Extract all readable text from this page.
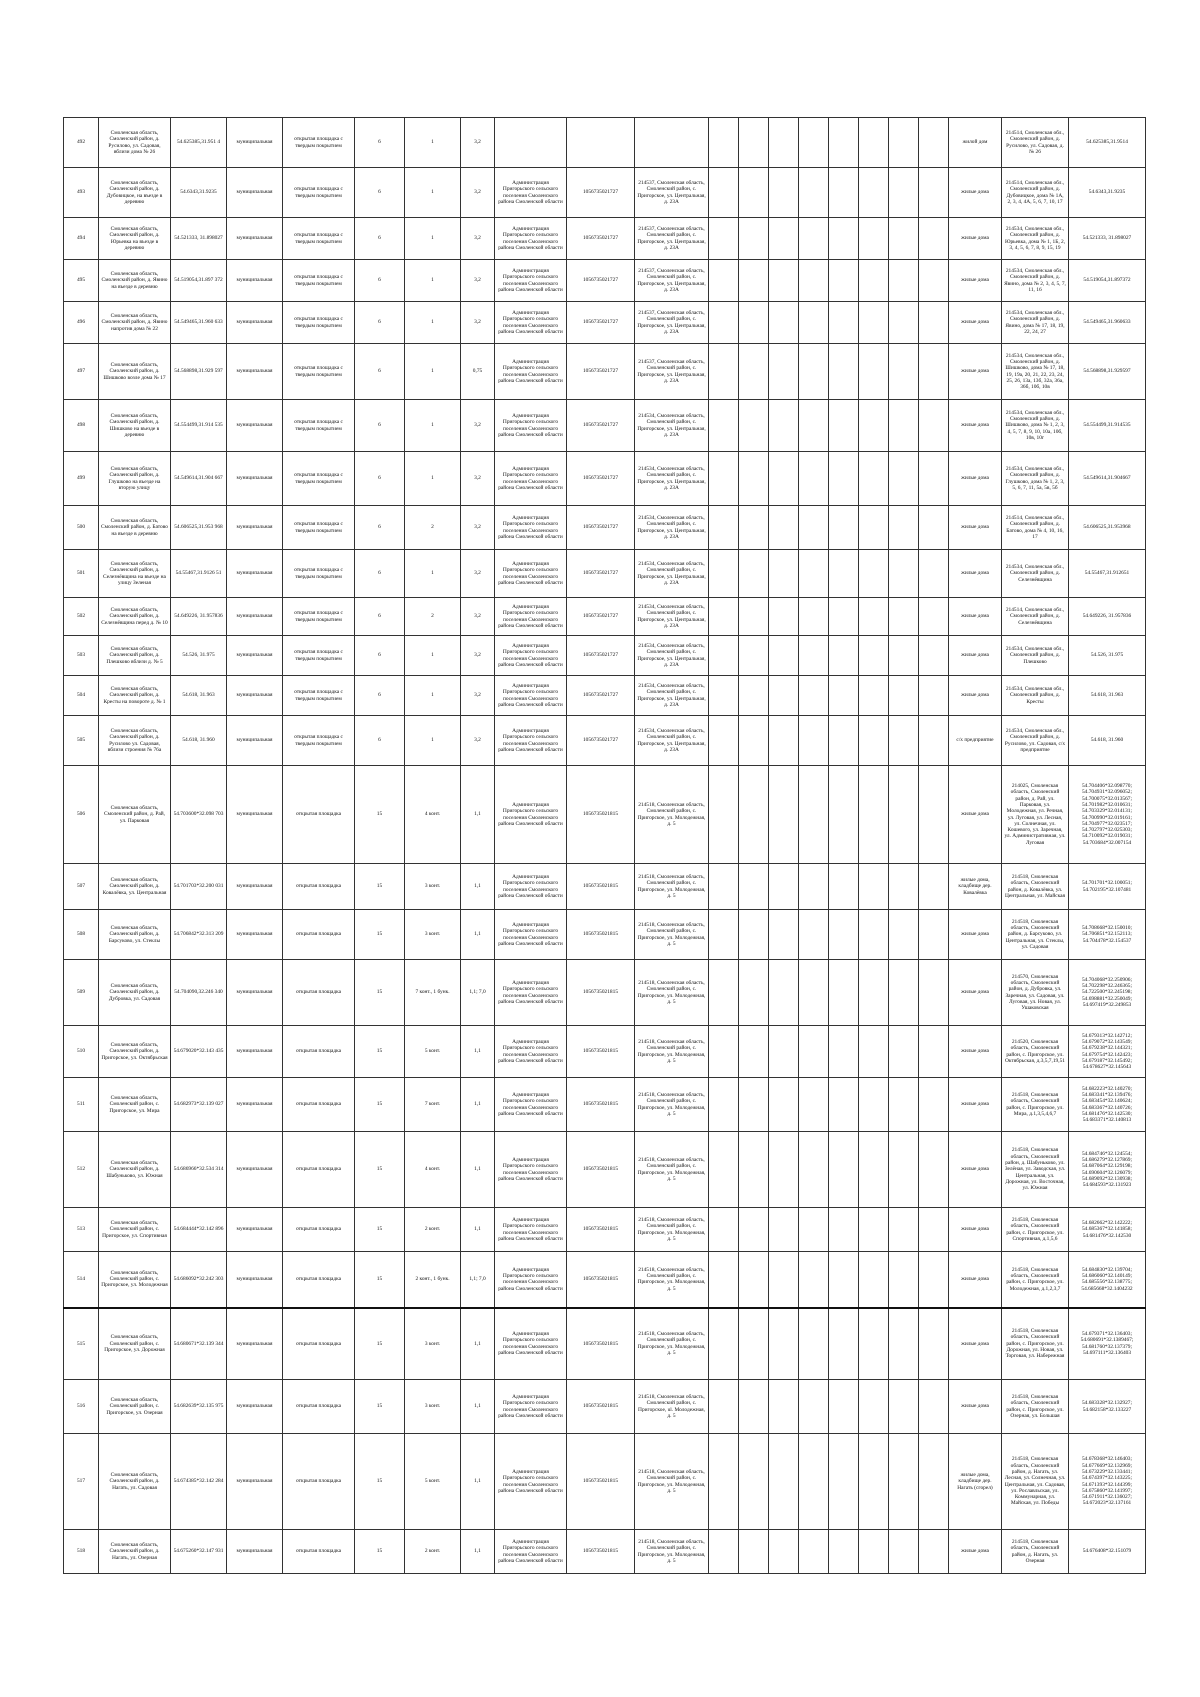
492	Смоленская область, Смоленский район, д. Русилово, ул. Садовая, вблизи дома № 26	54.625385,31.951 4	муниципальная	открытая площадка с твердым покрытием	6	1	3,2												жилой дом	214514, Смоленская обл., Смоленский район, д. Русилово, ул. Садовая, д. № 26	54.625385,31.9514
493	Смоленская область, Смоленский район, д. Дубовицкое, на въезде в деревню	54.6343,31.9235	муниципальная	открытая площадка с твердым покрытием	6	1	3,2	Администрация Пригорьского сельского поселения Смоленского района Смоленской области	1056735021727	214537, Смоленская область, Смоленский район, с. Пригорское, ул. Центральная, д. 23А									жилые дома	214514, Смоленская обл., Смоленский район, д. Дубовицкое, дома № 1А, 2, 3, 4, 4А, 5, 6, 7, 10, 17	54.6343,31.9235
494	Смоленская область, Смоленский район, д. Юрьевка на въезде в деревню	54.521333, 31.898027	муниципальная	открытая площадка с твердым покрытием	6	1	3,2	Администрация Пригорьского сельского поселения Смоленского района Смоленской области	1056735021727	214537, Смоленская область, Смоленский район, с. Пригорское, ул. Центральная, д. 23А									жилые дома	214534, Смоленская обл., Смоленский район, д. Юрьевка, дома № 1, 1Б, 2, 3, 4, 5, 6, 7, 8, 9, 15, 19	54.521333, 31.898027
495	Смоленская область, Смоленский район, д. Явино на въезде в деревню	54.519054,31.897 372	муниципальная	открытая площадка с твердым покрытием	6	1	3,2	Администрация Пригорьского сельского поселения Смоленского района Смоленской области	1056735021727	214537, Смоленская область, Смоленский район, с. Пригорское, ул. Центральная, д. 23А									жилые дома	214534, Смоленская обл., Смоленский район, д. Явино, дома № 2, 3, 4, 5, 7, 11, 16	54.519054,31.897372
496	Смоленская область, Смоленский район, д. Явино напротив дома № 22	54.549465,31.960 633	муниципальная	открытая площадка с твердым покрытием	6	1	3,2	Администрация Пригорьского сельского поселения Смоленского района Смоленской области	1056735021727	214537, Смоленская область, Смоленский район, с. Пригорское, ул. Центральная, д. 23А									жилые дома	214534, Смоленская обл., Смоленский район, д. Явино, дома № 17, 18, 19, 22, 24, 27	54.549465,31.960633
497	Смоленская область, Смоленский район, д. Шишково возле дома № 17	54.568898,31.929 597	муниципальная	открытая площадка с твердым покрытием	6	1	0,75	Администрация Пригорьского сельского поселения Смоленского района Смоленской области	1056735021727	214537, Смоленская область, Смоленский район, с. Пригорское, ул. Центральная, д. 23А									жилые дома	214534, Смоленская обл., Смоленский район, д. Шишково, дома № 17, 18, 19, 19а, 20, 21, 22, 23, 24, 25, 26, 13а, 13б, 32а, 36а, 36б, 10б, 10в	54.568898,31.929597
498	Смоленская область, Смоленский район, д. Шишково на въезде в деревню	54.554499,31.914 535	муниципальная	открытая площадка с твердым покрытием	6	1	3,2	Администрация Пригорьского сельского поселения Смоленского района Смоленской области	1056735021727	214534, Смоленская область, Смоленский район, с. Пригорское, ул. Центральная, д. 23А									жилые дома	214534, Смоленская обл., Смоленский район, д. Шишково, дома № 1, 2, 3, 4, 5, 7, 8, 9, 10, 10а, 10б, 10в, 10г	54.554499,31.914535
499	Смоленская область, Смоленский район, д. Глушково на въезде на вторую улицу	54.549614,31.904 667	муниципальная	открытая площадка с твердым покрытием	6	1	3,2	Администрация Пригорьского сельского поселения Смоленского района Смоленской области	1056735021727	214534, Смоленская область, Смоленский район, с. Пригорское, ул. Центральная, д. 23А									жилые дома	214534, Смоленская обл., Смоленский район, д. Глушково, дома № 1, 2, 3, 5, 6, 7, 11, 5а, 5в, 5б	54.549614,31.904667
500	Смоленская область, Смоленский район, д. Батово на въезде в деревню	54.606525,31.953 968	муниципальная	открытая площадка с твердым покрытием	6	2	3,2	Администрация Пригорьского сельского поселения Смоленского района Смоленской области	1056735021727	214534, Смоленская область, Смоленский район, с. Пригорское, ул. Центральная, д. 23А									жилые дома	214514, Смоленская обл., Смоленский район, д. Батово, дома № 4, 10, 16, 17	54.606525,31.953968
501	Смоленская область, Смоленский район, д. Селезнёвщина на въезде на улицу Зеленая	54.55467,31.9126 51	муниципальная	открытая площадка с твердым покрытием	6	1	3,2	Администрация Пригорьского сельского поселения Смоленского района Смоленской области	1056735021727	214534, Смоленская область, Смоленский район, с. Пригорское, ул. Центральная, д. 23А									жилые дома	214534, Смоленская обл., Смоленский район, д. Селезнёвщина	54.55467,31.912651
502	Смоленская область, Смоленский район, д. Селезнёвщина перед д. № 10	54.649226, 31.957836	муниципальная	открытая площадка с твердым покрытием	6	2	3,2	Администрация Пригорьского сельского поселения Смоленского района Смоленской области	1056735021727	214534, Смоленская область, Смоленский район, с. Пригорское, ул. Центральная, д. 23А									жилые дома	214514, Смоленская обл., Смоленский район, д. Селезнёвщина	54.649226, 31.957836
503	Смоленская область, Смоленский район, д. Плешково вблизи д. № 5	54.526, 31.975	муниципальная	открытая площадка с твердым покрытием	6	1	3,2	Администрация Пригорьского сельского поселения Смоленского района Смоленской области	1056735021727	214534, Смоленская область, Смоленский район, с. Пригорское, ул. Центральная, д. 23А									жилые дома	214534, Смоленская обл., Смоленский район, д. Плешково	54.526, 31.975
504	Смоленская область, Смоленский район, д. Кресты на повороте д. № 1	54.618, 31.963	муниципальная	открытая площадка с твердым покрытием	6	1	3,2	Администрация Пригорьского сельского поселения Смоленского района Смоленской области	1056735021727	214534, Смоленская область, Смоленский район, с. Пригорское, ул. Центральная, д. 23А									жилые дома	214534, Смоленская обл., Смоленский район, д. Кресты	54.618, 31.963
505	Смоленская область, Смоленский район, д. Русилово ул. Садовая, вблизи строения № 76а	54.618, 31.960	муниципальная	открытая площадка с твердым покрытием	6	1	3,2	Администрация Пригорьского сельского поселения Смоленского района Смоленской области	1056735021727	214534, Смоленская область, Смоленский район, с. Пригорское, ул. Центральная, д. 23А									с/х предприятие	214534, Смоленская обл., Смоленский район, д. Русилово, ул. Садовая, с/х предприятие	54.618, 31.960
506	Смоленская область, Смоленский район, д. Рай, ул. Парковая	54.703600*32.098 703	муниципальная	открытая площадка	15	4 конт.	1,1	Администрация Пригорьского сельского поселения Смоленского района Смоленской области	1056735021815	214518, Смоленская область, Смоленский район, с. Пригорское, ул. Молодежная, д. 5									жилые дома	214025, Смоленская область, Смоленский район, д. Рай, ул. Парковая, ул. Молодежная, ул. Речная, ул. Луговая, ул. Лесная, ул. Солнечная, ул. Кошевого, ул. Заречная, ул. Административная, ул. Луговая	54.704406*32.098770; 54.704931*32.096052; 54.700075*32.013567; 54.701982*32.010631; 54.703329*32.014131; 54.700990*32.019161; 54.704977*32.023517; 54.702797*32.025303; 54.710092*32.019031; 54.703684*32.007154
507	Смоленская область, Смоленский район, д. Ковалёвка, ул. Центральная	54.701703*32.200 031	муниципальная	открытая площадка	15	3 конт.	1,1	Администрация Пригорьского сельского поселения Смоленского района Смоленской области	1056735021815	214518, Смоленская область, Смоленский район, с. Пригорское, ул. Молодежная, д. 5									жилые дома, кладбище дер. Ковалёвка	214518, Смоленская область, Смоленский район, д. Ковалёвка, ул. Центральная, ул. Майская	54.701701*32.100051; 54.702195*32.107481
508	Смоленская область, Смоленский район, д. Барсуково, ул. Стеклы	54.706842*32.313 209	муниципальная	открытая площадка	15	3 конт.	1,1	Администрация Пригорьского сельского поселения Смоленского района Смоленской области	1056735021815	214518, Смоленская область, Смоленский район, с. Пригорское, ул. Молодежная, д. 5									жилые дома	214518, Смоленская область, Смоленский район, д. Барсуково, ул. Центральная, ул. Стеклы, ул. Садовая	54.708668*32.150010; 54.706851*32.152113; 54.704478*32.154537
509	Смоленская область, Смоленский район, д. Дубровка, ул. Садовая	54.704090,32.246 340	муниципальная	открытая площадка	15	7 конт., 1 бунк.	1,1; 7,0	Администрация Пригорьского сельского поселения Смоленского района Смоленской области	1056735021815	214518, Смоленская область, Смоленский район, с. Пригорское, ул. Молодежная, д. 5									жилые дома	214570, Смоленская область, Смоленский район, д. Дубровка, ул. Заречная, ул. Садовая, ул. Луговая, ул. Новая, ул. Ушаковская	54.704068*32.250906; 54.702298*32.246365; 54.722500*32.245198; 54.698881*32.250049; 54.697419*32.249853
510	Смоленская область, Смоленский район, д. Пригорское, ул. Октябрьская	54.679020*32.143 435	муниципальная	открытая площадка	15	5 конт.	1,1	Администрация Пригорьского сельского поселения Смоленского района Смоленской области	1056735021815	214518, Смоленская область, Смоленский район, с. Пригорское, ул. Молодежная, д. 5									жилые дома	214520, Смоленская область, Смоленский район, с. Пригорское, ул. Октябрьская, д.3,5,7,19,51	54.679313*32.142712; 54.679072*32.143549; 54.679238*32.144321; 54.679754*32.142423; 54.679187*32.145492; 54.678627*32.145643
511	Смоленская область, Смоленский район, с. Пригорское, ул. Мира	54.682973*32.139 027	муниципальная	открытая площадка	15	7 конт.	1,1	Администрация Пригорьского сельского поселения Смоленского района Смоленской области	1056735021815	214518, Смоленская область, Смоленский район, с. Пригорское, ул. Молодежная, д. 5									жилые дома	214518, Смоленская область, Смоленский район, с. Пригорское, ул. Мира, д.1,3,5,4,6,7	54.682223*32.140270; 54.683341*32.139476; 54.683454*32.140624; 54.683367*32.140726; 54.681476*32.142530; 54.683371*32.140813
512	Смоленская область, Смоленский район, д. Шабуньково, ул. Южная	54.686966*32.534 314	муниципальная	открытая площадка	15	4 конт.	1,1	Администрация Пригорьского сельского поселения Смоленского района Смоленской области	1056735021815	214518, Смоленская область, Смоленский район, с. Пригорское, ул. Молодежная, д. 5									жилые дома	214518, Смоленская область, Смоленский район, д. Шабуньково, ул. Зелёная, ул. Заводская, ул. Центральная, ул. Дорожная, ул. Восточная, ул. Южная	54.684746*32.124554; 54.686279*32.127869; 54.687064*32.129198; 54.690604*32.126079; 54.689092*32.130938; 54.684593*32.131923
513	Смоленская область, Смоленский район, с. Пригорское, ул. Спортивная	54.684444*32.142 896	муниципальная	открытая площадка	15	2 конт.	1,1	Администрация Пригорьского сельского поселения Смоленского района Смоленской области	1056735021815	214518, Смоленская область, Смоленский район, с. Пригорское, ул. Молодежная, д. 5									жилые дома	214518, Смоленская область, Смоленский район, с. Пригорское, ул. Спортивная, д.1,5,6	54.682662*32.142222; 54.685367*32.141858; 54.681476*32.142530
514	Смоленская область, Смоленский район, с. Пригорское, ул. Молодежная	54.686092*32.242 303	муниципальная	открытая площадка	15	2 конт., 1 бунк.	1,1; 7,0	Администрация Пригорьского сельского поселения Смоленского района Смоленской области	1056735021815	214518, Смоленская область, Смоленский район, с. Пригорское, ул. Молодежная, д. 5									жилые дома	214518, Смоленская область, Смоленский район, с. Пригорское, ул. Молодежная, д.1,2,3,7	54.684830*32.139704; 54.686060*32.140149; 54.685556*32.138775; 54.685668*32.1404232
515	Смоленская область, Смоленский район, с. Пригорское, ул. Дорожная	54.680671*32.139 344	муниципальная	открытая площадка	15	3 конт.	1,1	Администрация Пригорьского сельского поселения Смоленского района Смоленской области	1056735021815	214518, Смоленская область, Смоленский район, с. Пригорское, ул. Молодежная, д. 5									жилые дома	214518, Смоленская область, Смоленский район, с. Пригорское, ул. Дорожная, ул. Новая, ул. Торговая, ул. Набережная	54.679371*32.136403; 54.680691*32.1389467; 54.681760*32.137379; 54.697111*32.136403
516	Смоленская область, Смоленский район, с. Пригорское, ул. Озерная	54.682639*32.135 975	муниципальная	открытая площадка	15	3 конт.	1,1	Администрация Пригорьского сельского поселения Смоленского района Смоленской области	1056735021815	214518, Смоленская область, Смоленский район, с. Пригорское, ul. Молодежная, д. 5									жилые дома	214518, Смоленская область, Смоленский район, с. Пригорское, ул. Озерная, ул. Большая	54.683328*32.132927; 54.682158*32.133227
517	Смоленская область, Смоленский район, д. Нагать, ул. Садовая	54.674385*32.142 284	муниципальная	открытая площадка	15	5 конт.	1,1	Администрация Пригорьского сельского поселения Смоленского района Смоленской области	1056735021815	214518, Смоленская область, Смоленский район, с. Пригорское, ул. Молодежная, д. 5									жилые дома, кладбище дер. Нагать (сгорел)	214518, Смоленская область, Смоленский район, д. Нагать, ул. Лесная, ул. Солнечная, ул. Центральная, ул. Садовая, ул. Рославльская, ул. Коммунарная, ул. Майская, ул. Победы	54.678368*32.146403; 54.677669*32.132969; 54.673229*32.133441; 54.674397*32.143225; 54.671393*32.144399; 54.675860*32.141997; 54.671911*32.136027; 54.672023*32.137161
518	Смоленская область, Смоленский район, д. Нагать, ул. Озерная	54.675260*32.147 931	муниципальная	открытая площадка	15	2 конт.	1,1	Администрация Пригорьского сельского поселения Смоленского района Смоленской области	1056735021815	214518, Смоленская область, Смоленский район, с. Пригорское, ул. Молодежная, д. 5									жилые дома	214518, Смоленская область, Смоленский район, д. Нагать, ул. Озерная	54.676408*32.151079
